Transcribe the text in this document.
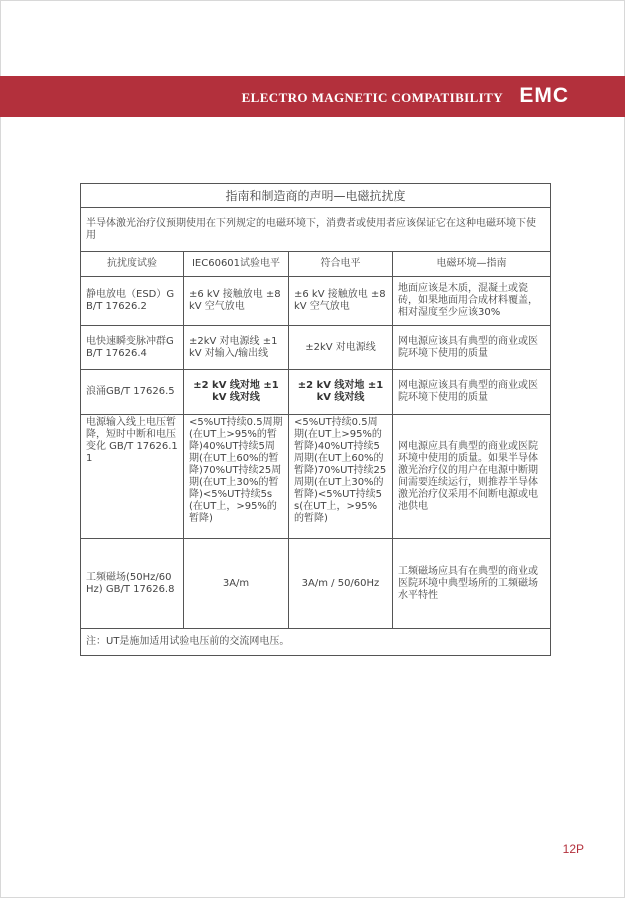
ELECTRO MAGNETIC COMPATIBILITY EMC
指南和制造商的声明—电磁抗扰度			
半导体激光治疗仪预期使用在下列规定的电磁环境下，消费者或使用者应该保证它在这种电磁环境下使用			
抗扰度试验	IEC60601试验电平	符合电平	电磁环境—指南
静电放电（ESD）GB/T 17626.2	±6 kV 接触放电 ±8 kV 空气放电	±6 kV 接触放电 ±8 kV 空气放电	地面应该是木质，混凝土或瓷砖，如果地面用合成材料覆盖，相对湿度至少应该30%
电快速瞬变脉冲群GB/T 17626.4	±2kV 对电源线 ±1kV 对输入/输出线	±2kV 对电源线	网电源应该具有典型的商业或医院环境下使用的质量
浪涌GB/T 17626.5	±2 kV 线对地 ±1 kV 线对线	±2 kV 线对地 ±1 kV 线对线	网电源应该具有典型的商业或医院环境下使用的质量
电源输入线上电压暂降，短时中断和电压变化 GB/T 17626.11	<5%UT持续0.5周期(在UT上>95%的暂降)40%UT持续5周期(在UT上60%的暂降)70%UT持续25周期(在UT上30%的暂降)<5%UT持续5s(在UT上，>95%的暂降)	<5%UT持续0.5周期(在UT上>95%的暂降)40%UT持续5周期(在UT上60%的暂降)70%UT持续25周期(在UT上30%的暂降)<5%UT持续5s(在UT上，>95%的暂降)	网电源应具有典型的商业或医院环境中使用的质量。如果半导体激光治疗仪的用户在电源中断期间需要连续运行，则推荐半导体激光治疗仪采用不间断电源或电池供电
工频磁场(50Hz/60Hz) GB/T 17626.8	3A/m	3A/m / 50/60Hz	工频磁场应具有在典型的商业或医院环境中典型场所的工频磁场水平特性
注：UT是施加适用试验电压前的交流网电压。			
12P
